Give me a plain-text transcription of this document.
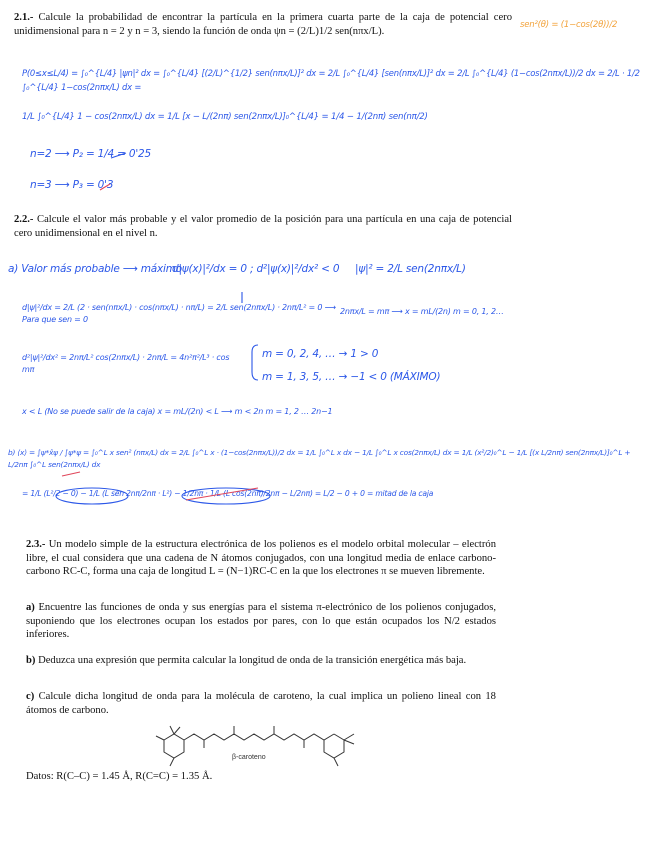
2.1.- Calcule la probabilidad de encontrar la partícula en la primera cuarta parte de la caja de potencial cero unidimensional para n = 2 y n = 3, siendo la función de onda ψn = (2/L)1/2 sen(nπx/L).
sen²(θ) = (1−cos(2θ))/2
P(0≤x≤L/4) = ∫₀^{L/4} |ψn|² dx = ∫₀^{L/4} [(2/L)^{1/2} sen(nπx/L)]² dx = 2/L ∫₀^{L/4} [sen(nπx/L)]² dx = 2/L ∫₀^{L/4} (1−cos(2nπx/L))/2 dx = 2/L · 1/2 ∫₀^{L/4} 1−cos(2nπx/L) dx =
1/L ∫₀^{L/4} 1 − cos(2nπx/L) dx = 1/L [x − L/(2nπ) sen(2nπx/L)]₀^{L/4} = 1/4 − 1/(2nπ) sen(nπ/2)
n=2 ⟶ P₂ = 1/4 = 0'25
n=3 ⟶ P₃ = 0'3
2.2.- Calcule el valor más probable y el valor promedio de la posición para una partícula en una caja de potencial cero unidimensional en el nivel n.
a) Valor más probable ⟶ máximo
d|ψ(x)|²/dx = 0 ; d²|ψ(x)|²/dx² < 0 |ψ|² = 2/L sen(2nπx/L)
d|ψ|²/dx = 2/L (2 · sen(nπx/L) · cos(nπx/L) · nπ/L) = 2/L sen(2nπx/L) · 2nπ/L² = 0 ⟶ Para que sen = 0
2nπx/L = mπ ⟶ x = mL/(2n) m = 0, 1, 2…
d²|ψ|²/dx² = 2nπ/L² cos(2nπx/L) · 2nπ/L = 4n²π²/L³ · cos mπ
m = 0, 2, 4, … → 1 > 0
m = 1, 3, 5, … → −1 < 0 (MÁXIMO)
x < L (No se puede salir de la caja) x = mL/(2n) < L ⟶ m < 2n m = 1, 2 … 2n−1
b) ⟨x⟩ = ∫ψ*x̂ψ / ∫ψ*ψ = ∫₀^L x sen² (nπx/L) dx = 2/L ∫₀^L x · (1−cos(2nπx/L))/2 dx = 1/L ∫₀^L x dx − 1/L ∫₀^L x cos(2nπx/L) dx = 1/L (x²/2)₀^L − 1/L [(x L/2nπ) sen(2nπx/L)]₀^L + L/2nπ ∫₀^L sen(2nπx/L) dx
= 1/L (L²/2 − 0) − 1/L (L sen 2nπ/2nπ · L²) − 1/2nπ · 1/L (L cos(2nπ)/2nπ − L/2nπ) = L/2 − 0 + 0 = mitad de la caja
2.3.- Un modelo simple de la estructura electrónica de los polienos es el modelo orbital molecular – electrón libre, el cual considera que una cadena de N átomos conjugados, con una longitud media de enlace carbono-carbono RC-C, forma una caja de longitud L = (N−1)RC-C en la que los electrones π se mueven libremente.
a) Encuentre las funciones de onda y sus energías para el sistema π-electrónico de los polienos conjugados, suponiendo que los electrones ocupan los estados por pares, con lo que están ocupados los N/2 estados inferiores.
b) Deduzca una expresión que permita calcular la longitud de onda de la transición energética más baja.
c) Calcule dicha longitud de onda para la molécula de caroteno, la cual implica un polieno lineal con 18 átomos de carbono.
β-caroteno
Datos: R(C–C) = 1.45 Å, R(C=C) = 1.35 Å.
